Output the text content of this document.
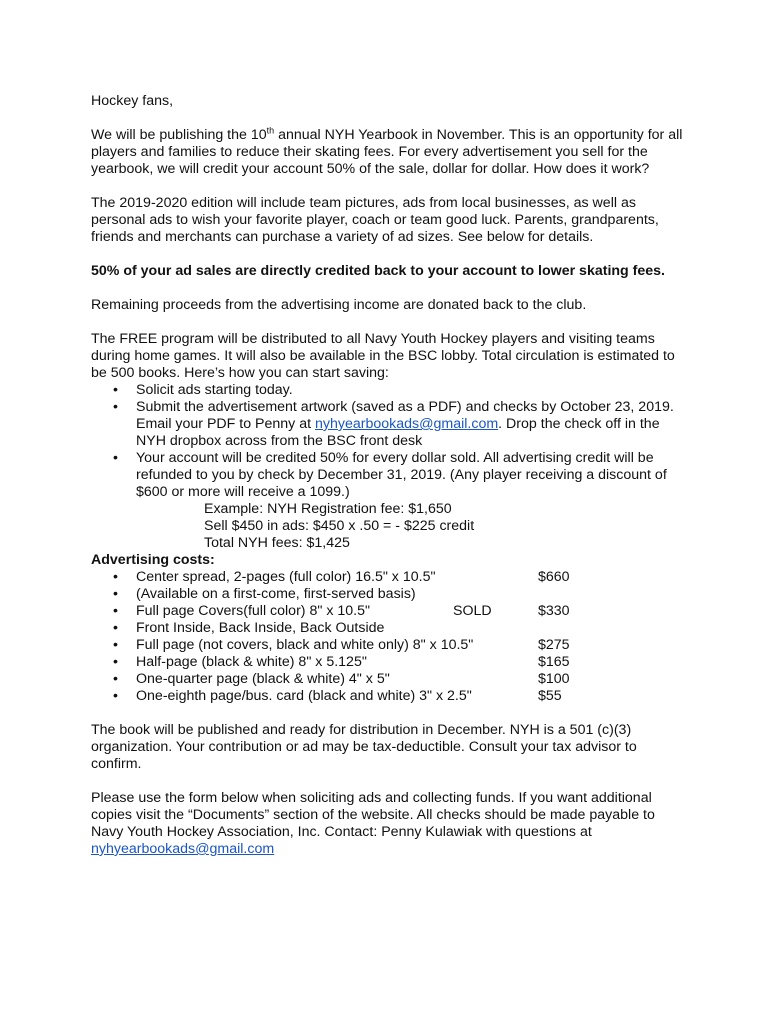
Hockey fans,

We will be publishing the 10th annual NYH Yearbook in November. This is an opportunity for all players and families to reduce their skating fees. For every advertisement you sell for the yearbook, we will credit your account 50% of the sale, dollar for dollar. How does it work?

The 2019-2020 edition will include team pictures, ads from local businesses, as well as personal ads to wish your favorite player, coach or team good luck. Parents, grandparents, friends and merchants can purchase a variety of ad sizes. See below for details.

50% of your ad sales are directly credited back to your account to lower skating fees.

Remaining proceeds from the advertising income are donated back to the club.

The FREE program will be distributed to all Navy Youth Hockey players and visiting teams during home games. It will also be available in the BSC lobby. Total circulation is estimated to be 500 books. Here’s how you can start saving:

• Solicit ads starting today.
• Submit the advertisement artwork (saved as a PDF) and checks by October 23, 2019. Email your PDF to Penny at nyhyearbookads@gmail.com. Drop the check off in the NYH dropbox across from the BSC front desk
• Your account will be credited 50% for every dollar sold. All advertising credit will be refunded to you by check by December 31, 2019. (Any player receiving a discount of $600 or more will receive a 1099.)

Example: NYH Registration fee: $1,650

Sell $450 in ads: $450 x .50 = - $225 credit

Total NYH fees: $1,425

Advertising costs:

• Center spread, 2-pages (full color) 16.5" x 10.5"	$660
• (Available on a first-come, first-served basis)
• Full page Covers(full color) 8" x 10.5"	SOLD	$330
• Front Inside, Back Inside, Back Outside
• Full page (not covers, black and white only) 8" x 10.5"	$275
• Half-page (black & white) 8" x 5.125"	$165
• One-quarter page (black & white) 4" x 5"	$100
• One-eighth page/bus. card (black and white) 3" x 2.5"	$55

The book will be published and ready for distribution in December. NYH is a 501 (c)(3) organization. Your contribution or ad may be tax-deductible. Consult your tax advisor to confirm.

Please use the form below when soliciting ads and collecting funds. If you want additional copies visit the “Documents” section of the website. All checks should be made payable to Navy Youth Hockey Association, Inc. Contact: Penny Kulawiak with questions at

nyhyearbookads@gmail.com
